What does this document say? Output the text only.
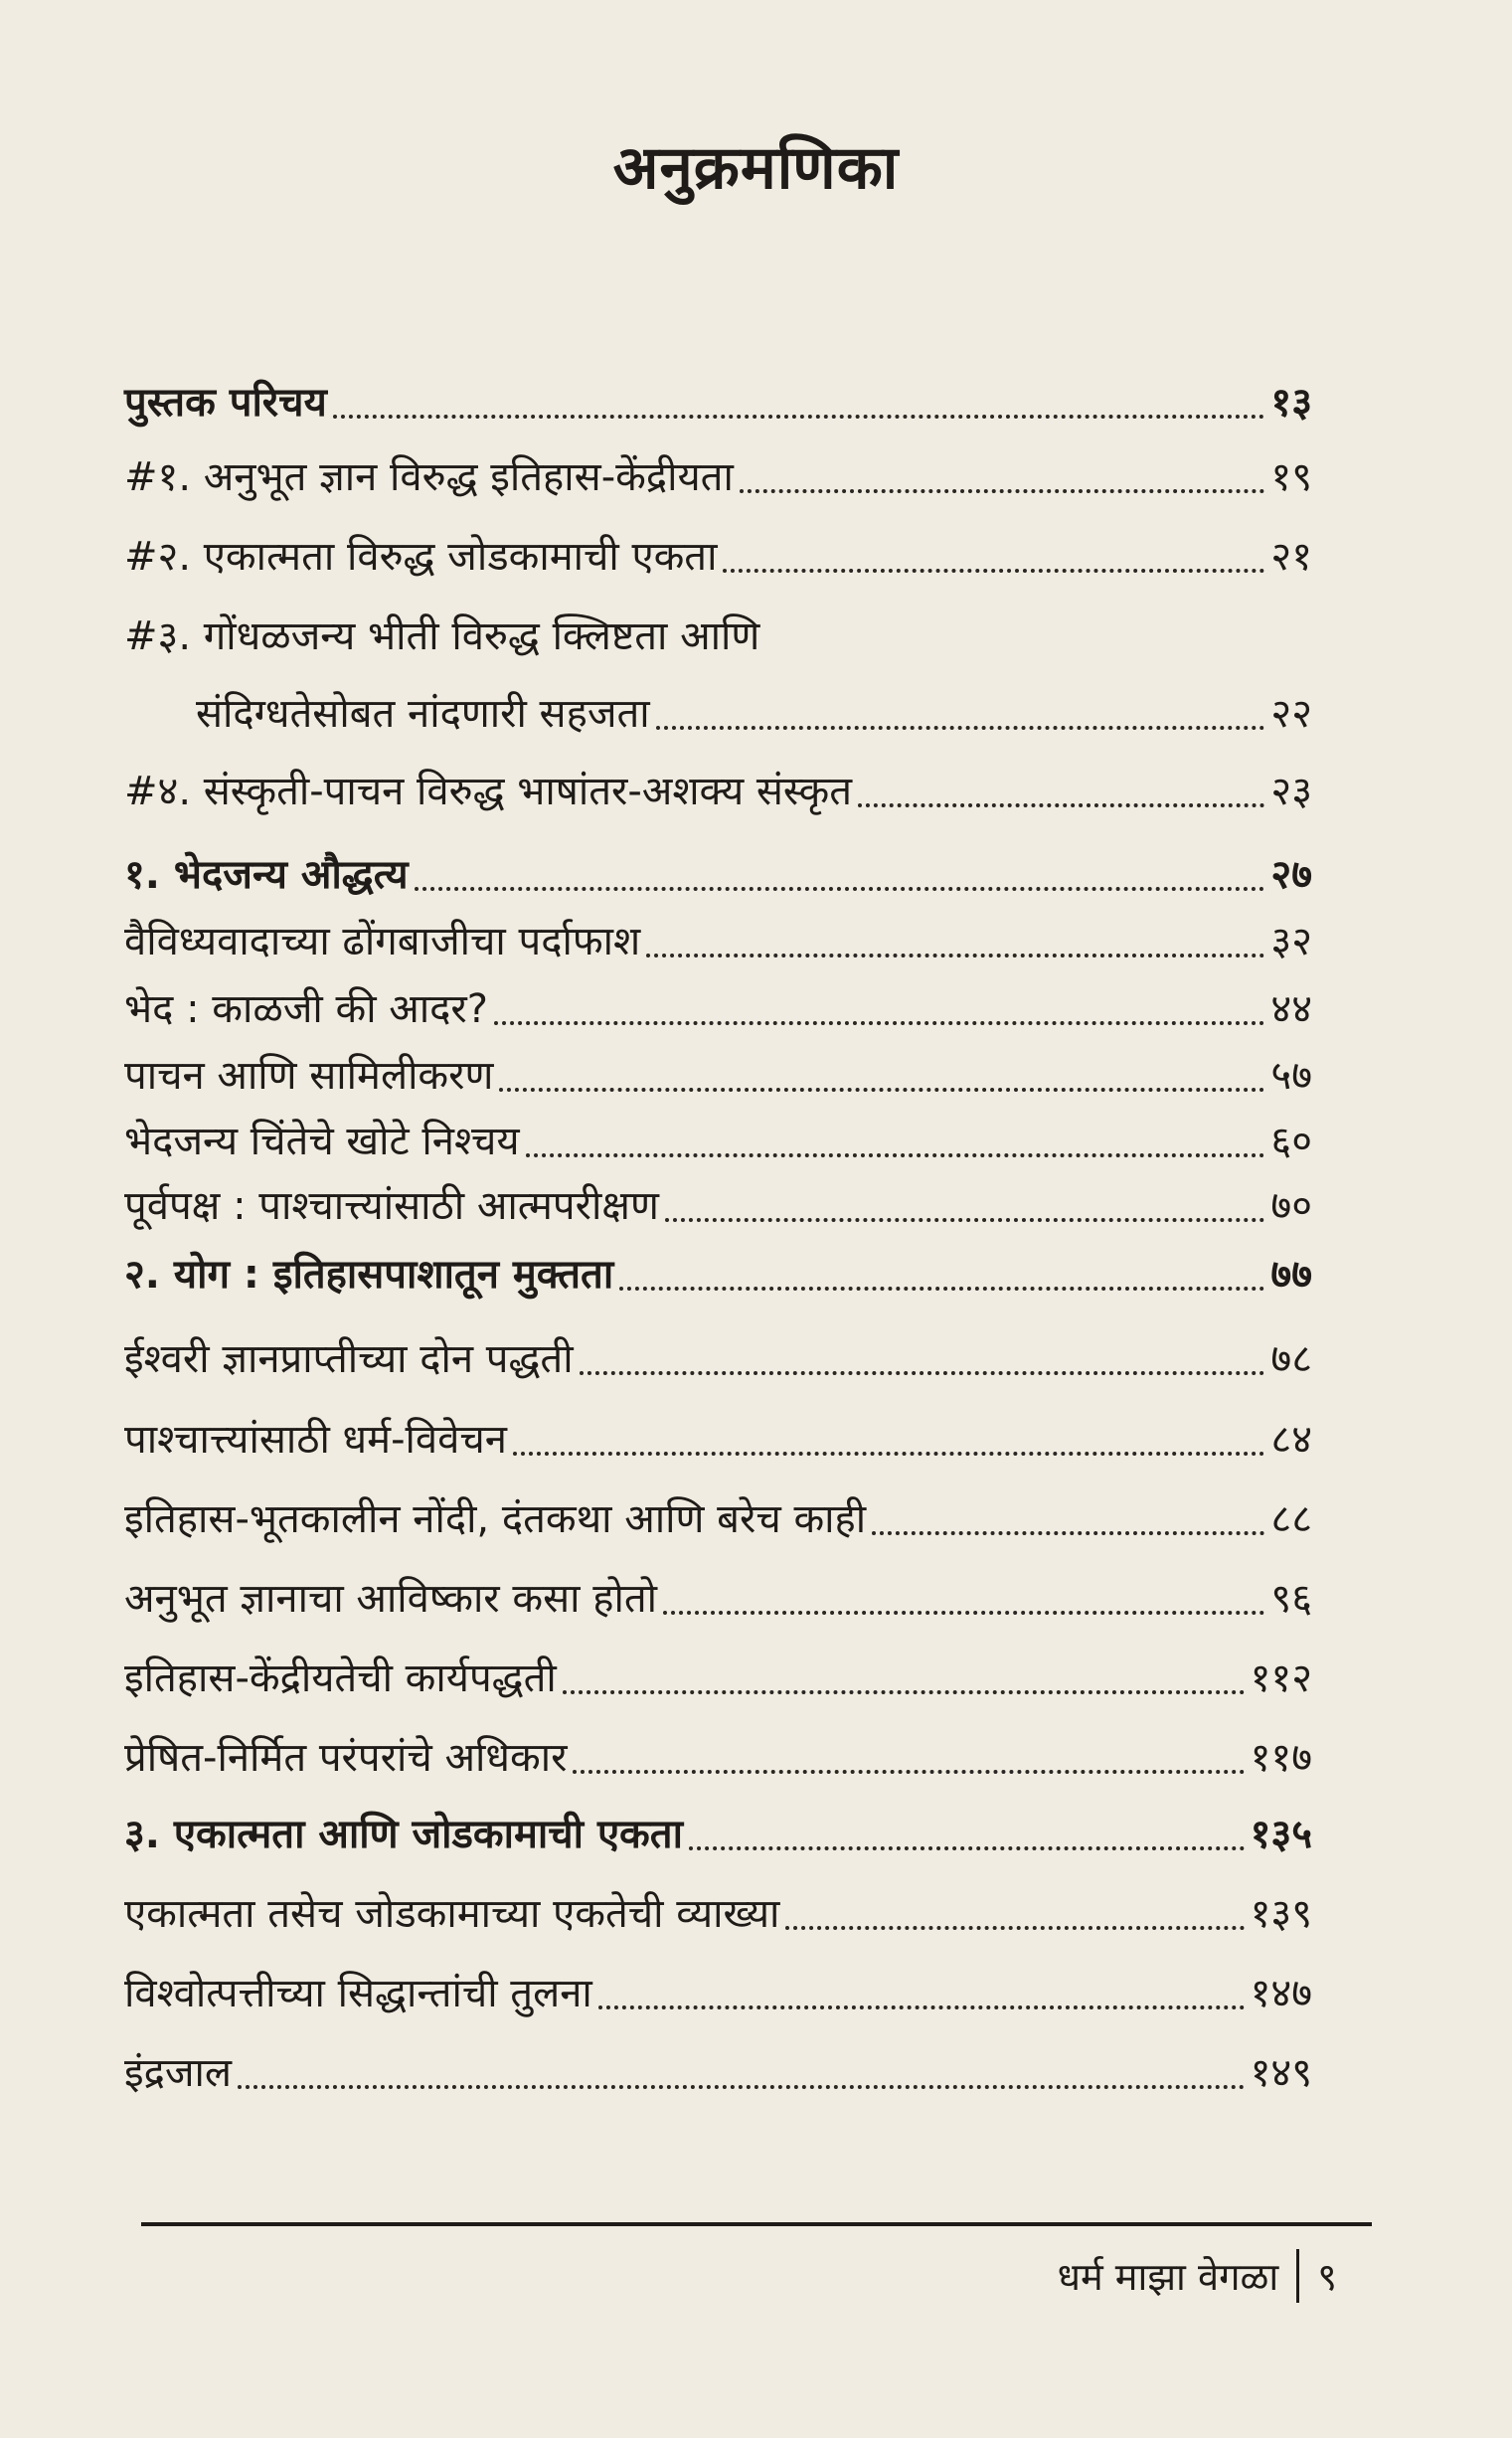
अनुक्रमणिका
पुस्तक परिचय	१३
#१. अनुभूत ज्ञान विरुद्ध इतिहास-केंद्रीयता	१९
#२. एकात्मता विरुद्ध जोडकामाची एकता	२१
#३. गोंधळजन्य भीती विरुद्ध क्लिष्टता आणि
संदिग्धतेसोबत नांदणारी सहजता	२२
#४. संस्कृती-पाचन विरुद्ध भाषांतर-अशक्य संस्कृत	२३
१. भेदजन्य औद्धत्य	२७
वैविध्यवादाच्या ढोंगबाजीचा पर्दाफाश	३२
भेद : काळजी की आदर?	४४
पाचन आणि सामिलीकरण	५७
भेदजन्य चिंतेचे खोटे निश्चय	६०
पूर्वपक्ष : पाश्चात्त्यांसाठी आत्मपरीक्षण	७०
२. योग : इतिहासपाशातून मुक्तता	७७
ईश्वरी ज्ञानप्राप्तीच्या दोन पद्धती	७८
पाश्चात्त्यांसाठी धर्म-विवेचन	८४
इतिहास-भूतकालीन नोंदी, दंतकथा आणि बरेच काही	८८
अनुभूत ज्ञानाचा आविष्कार कसा होतो	९६
इतिहास-केंद्रीयतेची कार्यपद्धती	११२
प्रेषित-निर्मित परंपरांचे अधिकार	११७
३. एकात्मता आणि जोडकामाची एकता	१३५
एकात्मता तसेच जोडकामाच्या एकतेची व्याख्या	१३९
विश्वोत्पत्तीच्या सिद्धान्तांची तुलना	१४७
इंद्रजाल	१४९
धर्म माझा वेगळा ९
